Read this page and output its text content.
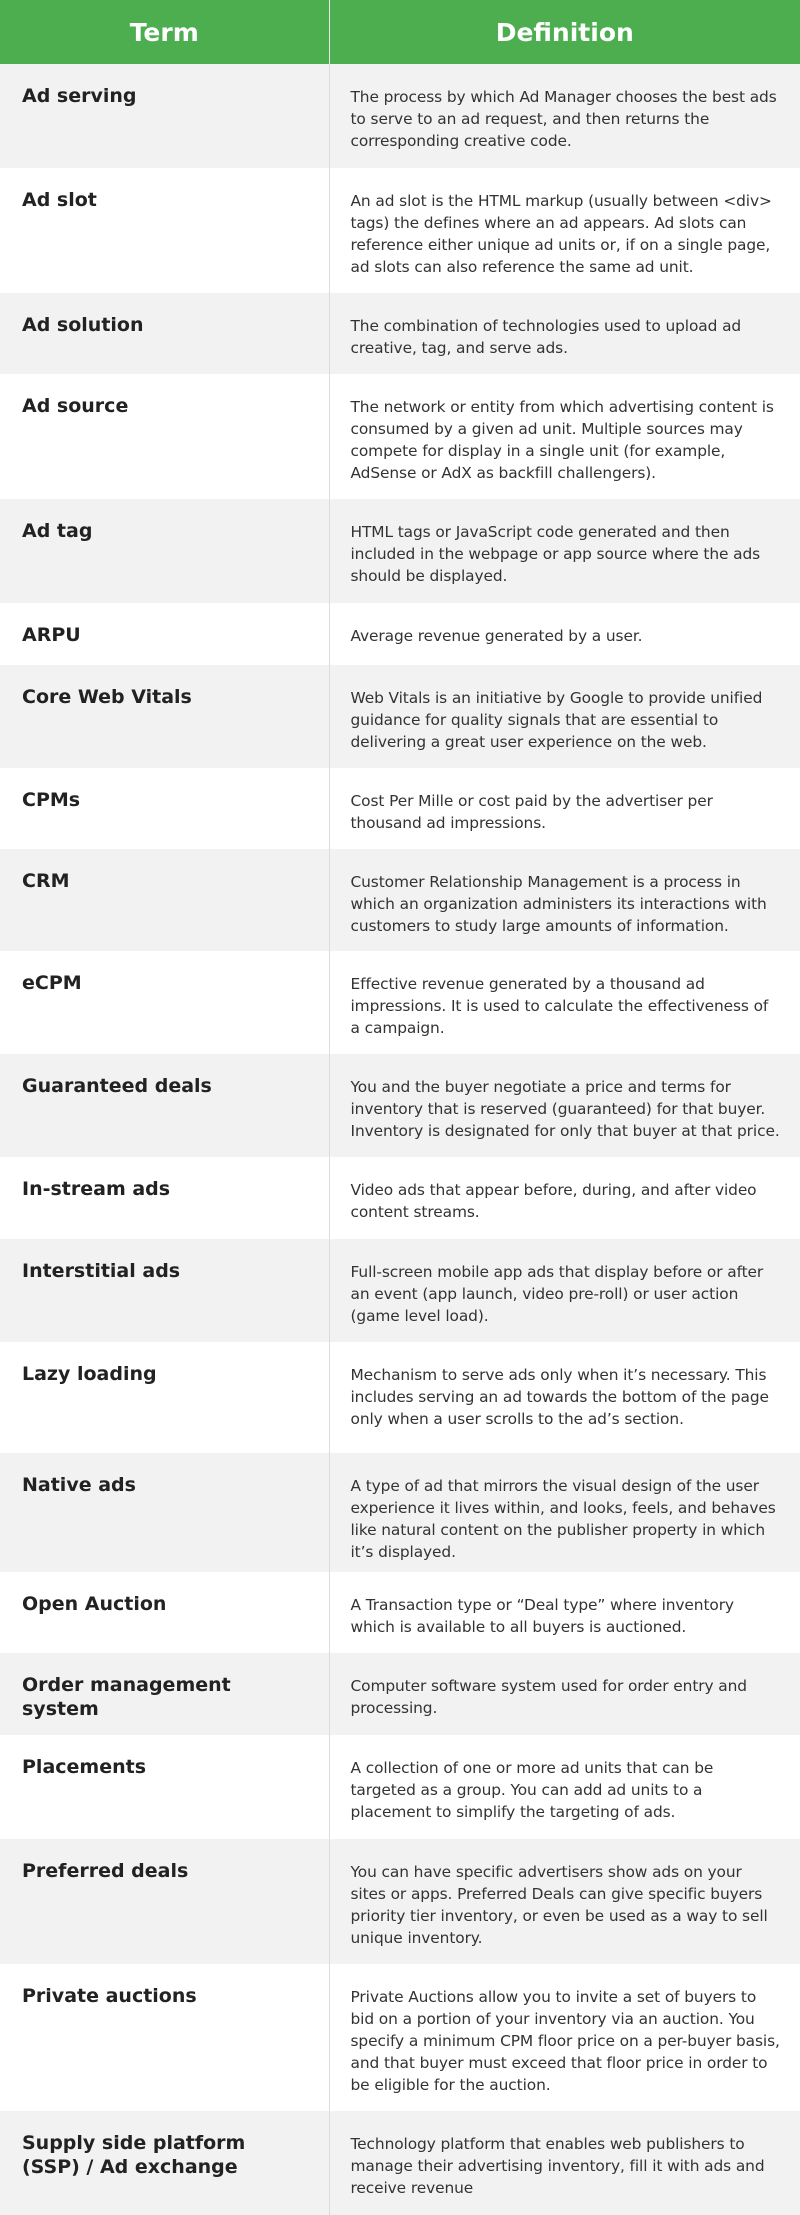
Term	Definition
Ad serving	The process by which Ad Manager chooses the best ads to serve to an ad request, and then returns the corresponding creative code.
Ad slot	An ad slot is the HTML markup (usually between <div> tags) the defines where an ad appears. Ad slots can reference either unique ad units or, if on a single page, ad slots can also reference the same ad unit.
Ad solution	The combination of technologies used to upload ad creative, tag, and serve ads.
Ad source	The network or entity from which advertising content is consumed by a given ad unit. Multiple sources may compete for display in a single unit (for example, AdSense or AdX as backfill challengers).
Ad tag	HTML tags or JavaScript code generated and then included in the webpage or app source where the ads should be displayed.
ARPU	Average revenue generated by a user.
Core Web Vitals	Web Vitals is an initiative by Google to provide unified guidance for quality signals that are essential to delivering a great user experience on the web.
CPMs	Cost Per Mille or cost paid by the advertiser per thousand ad impressions.
CRM	Customer Relationship Management is a process in which an organization administers its interactions with customers to study large amounts of information.
eCPM	Effective revenue generated by a thousand ad impressions. It is used to calculate the effectiveness of a campaign.
Guaranteed deals	You and the buyer negotiate a price and terms for inventory that is reserved (guaranteed) for that buyer. Inventory is designated for only that buyer at that price.
In-stream ads	Video ads that appear before, during, and after video content streams.
Interstitial ads	Full-screen mobile app ads that display before or after an event (app launch, video pre-roll) or user action (game level load).
Lazy loading	Mechanism to serve ads only when it’s necessary. This includes serving an ad towards the bottom of the page only when a user scrolls to the ad’s section.
Native ads	A type of ad that mirrors the visual design of the user experience it lives within, and looks, feels, and behaves like natural content on the publisher property in which it’s displayed.
Open Auction	A Transaction type or “Deal type” where inventory which is available to all buyers is auctioned.
Order management system	Computer software system used for order entry and processing.
Placements	A collection of one or more ad units that can be targeted as a group. You can add ad units to a placement to simplify the targeting of ads.
Preferred deals	You can have specific advertisers show ads on your sites or apps. Preferred Deals can give specific buyers priority tier inventory, or even be used as a way to sell unique inventory.
Private auctions	Private Auctions allow you to invite a set of buyers to bid on a portion of your inventory via an auction. You specify a minimum CPM floor price on a per-buyer basis, and that buyer must exceed that floor price in order to be eligible for the auction.
Supply side platform (SSP) / Ad exchange	Technology platform that enables web publishers to manage their advertising inventory, fill it with ads and receive revenue
